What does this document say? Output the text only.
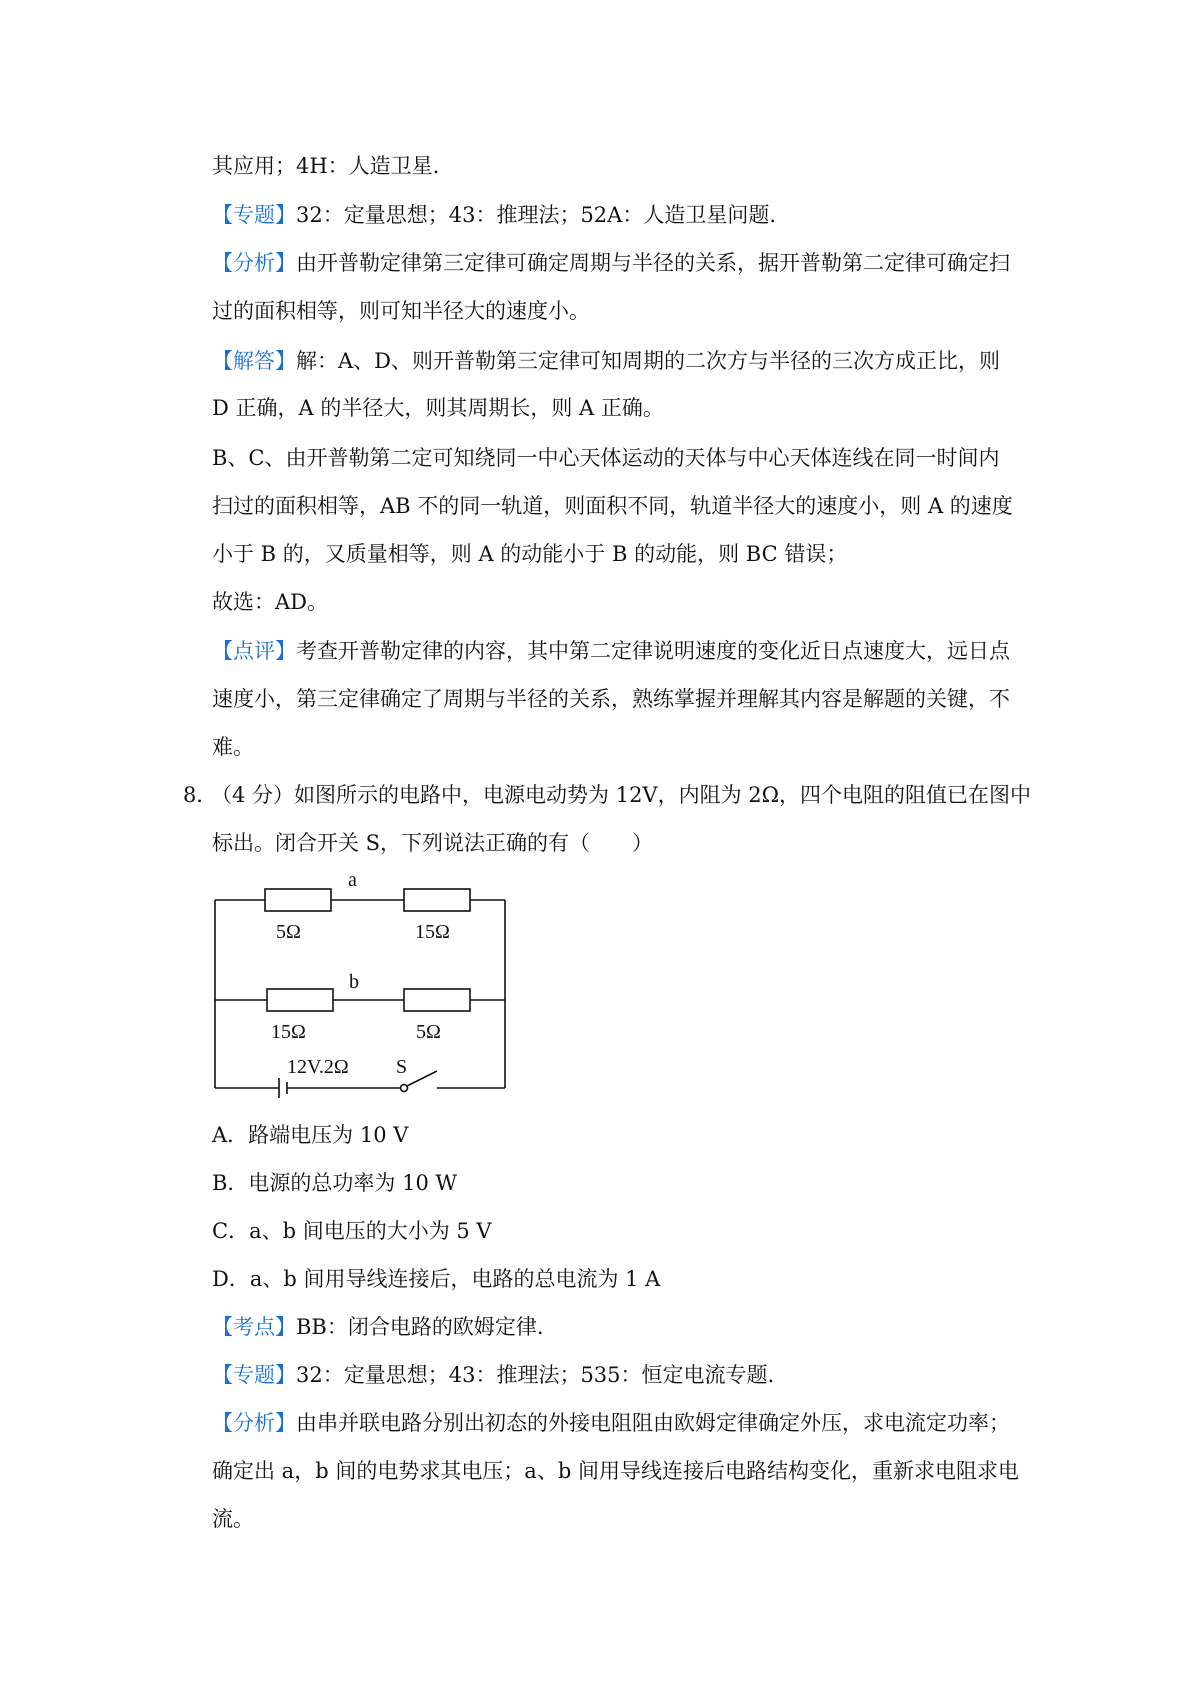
其应用；4H：人造卫星.
【专题】32：定量思想；43：推理法；52A：人造卫星问题.
【分析】由开普勒定律第三定律可确定周期与半径的关系，据开普勒第二定律可确定扫
过的面积相等，则可知半径大的速度小。
【解答】解：A、D、则开普勒第三定律可知周期的二次方与半径的三次方成正比，则
D 正确，A 的半径大，则其周期长，则 A 正确。
B、C、由开普勒第二定可知绕同一中心天体运动的天体与中心天体连线在同一时间内
扫过的面积相等，AB 不的同一轨道，则面积不同，轨道半径大的速度小，则 A 的速度
小于 B 的，又质量相等，则 A 的动能小于 B 的动能，则 BC 错误；
故选：AD。
【点评】考查开普勒定律的内容，其中第二定律说明速度的变化近日点速度大，远日点
速度小，第三定律确定了周期与半径的关系，熟练掌握并理解其内容是解题的关键，不
难。
8．
（4 分）如图所示的电路中，电源电动势为 12V，内阻为 2Ω，四个电阻的阻值已在图中
标出。闭合开关 S，下列说法正确的有（　　）
a
5Ω	15Ω
b
15Ω	5Ω
12V.2Ω S
A．路端电压为 10 V
B．电源的总功率为 10 W
C．a、b 间电压的大小为 5 V
D．a、b 间用导线连接后，电路的总电流为 1 A
【考点】BB：闭合电路的欧姆定律.
【专题】32：定量思想；43：推理法；535：恒定电流专题.
【分析】由串并联电路分别出初态的外接电阻阻由欧姆定律确定外压，求电流定功率；
确定出 a，b 间的电势求其电压；a、b 间用导线连接后电路结构变化，重新求电阻求电
流。
